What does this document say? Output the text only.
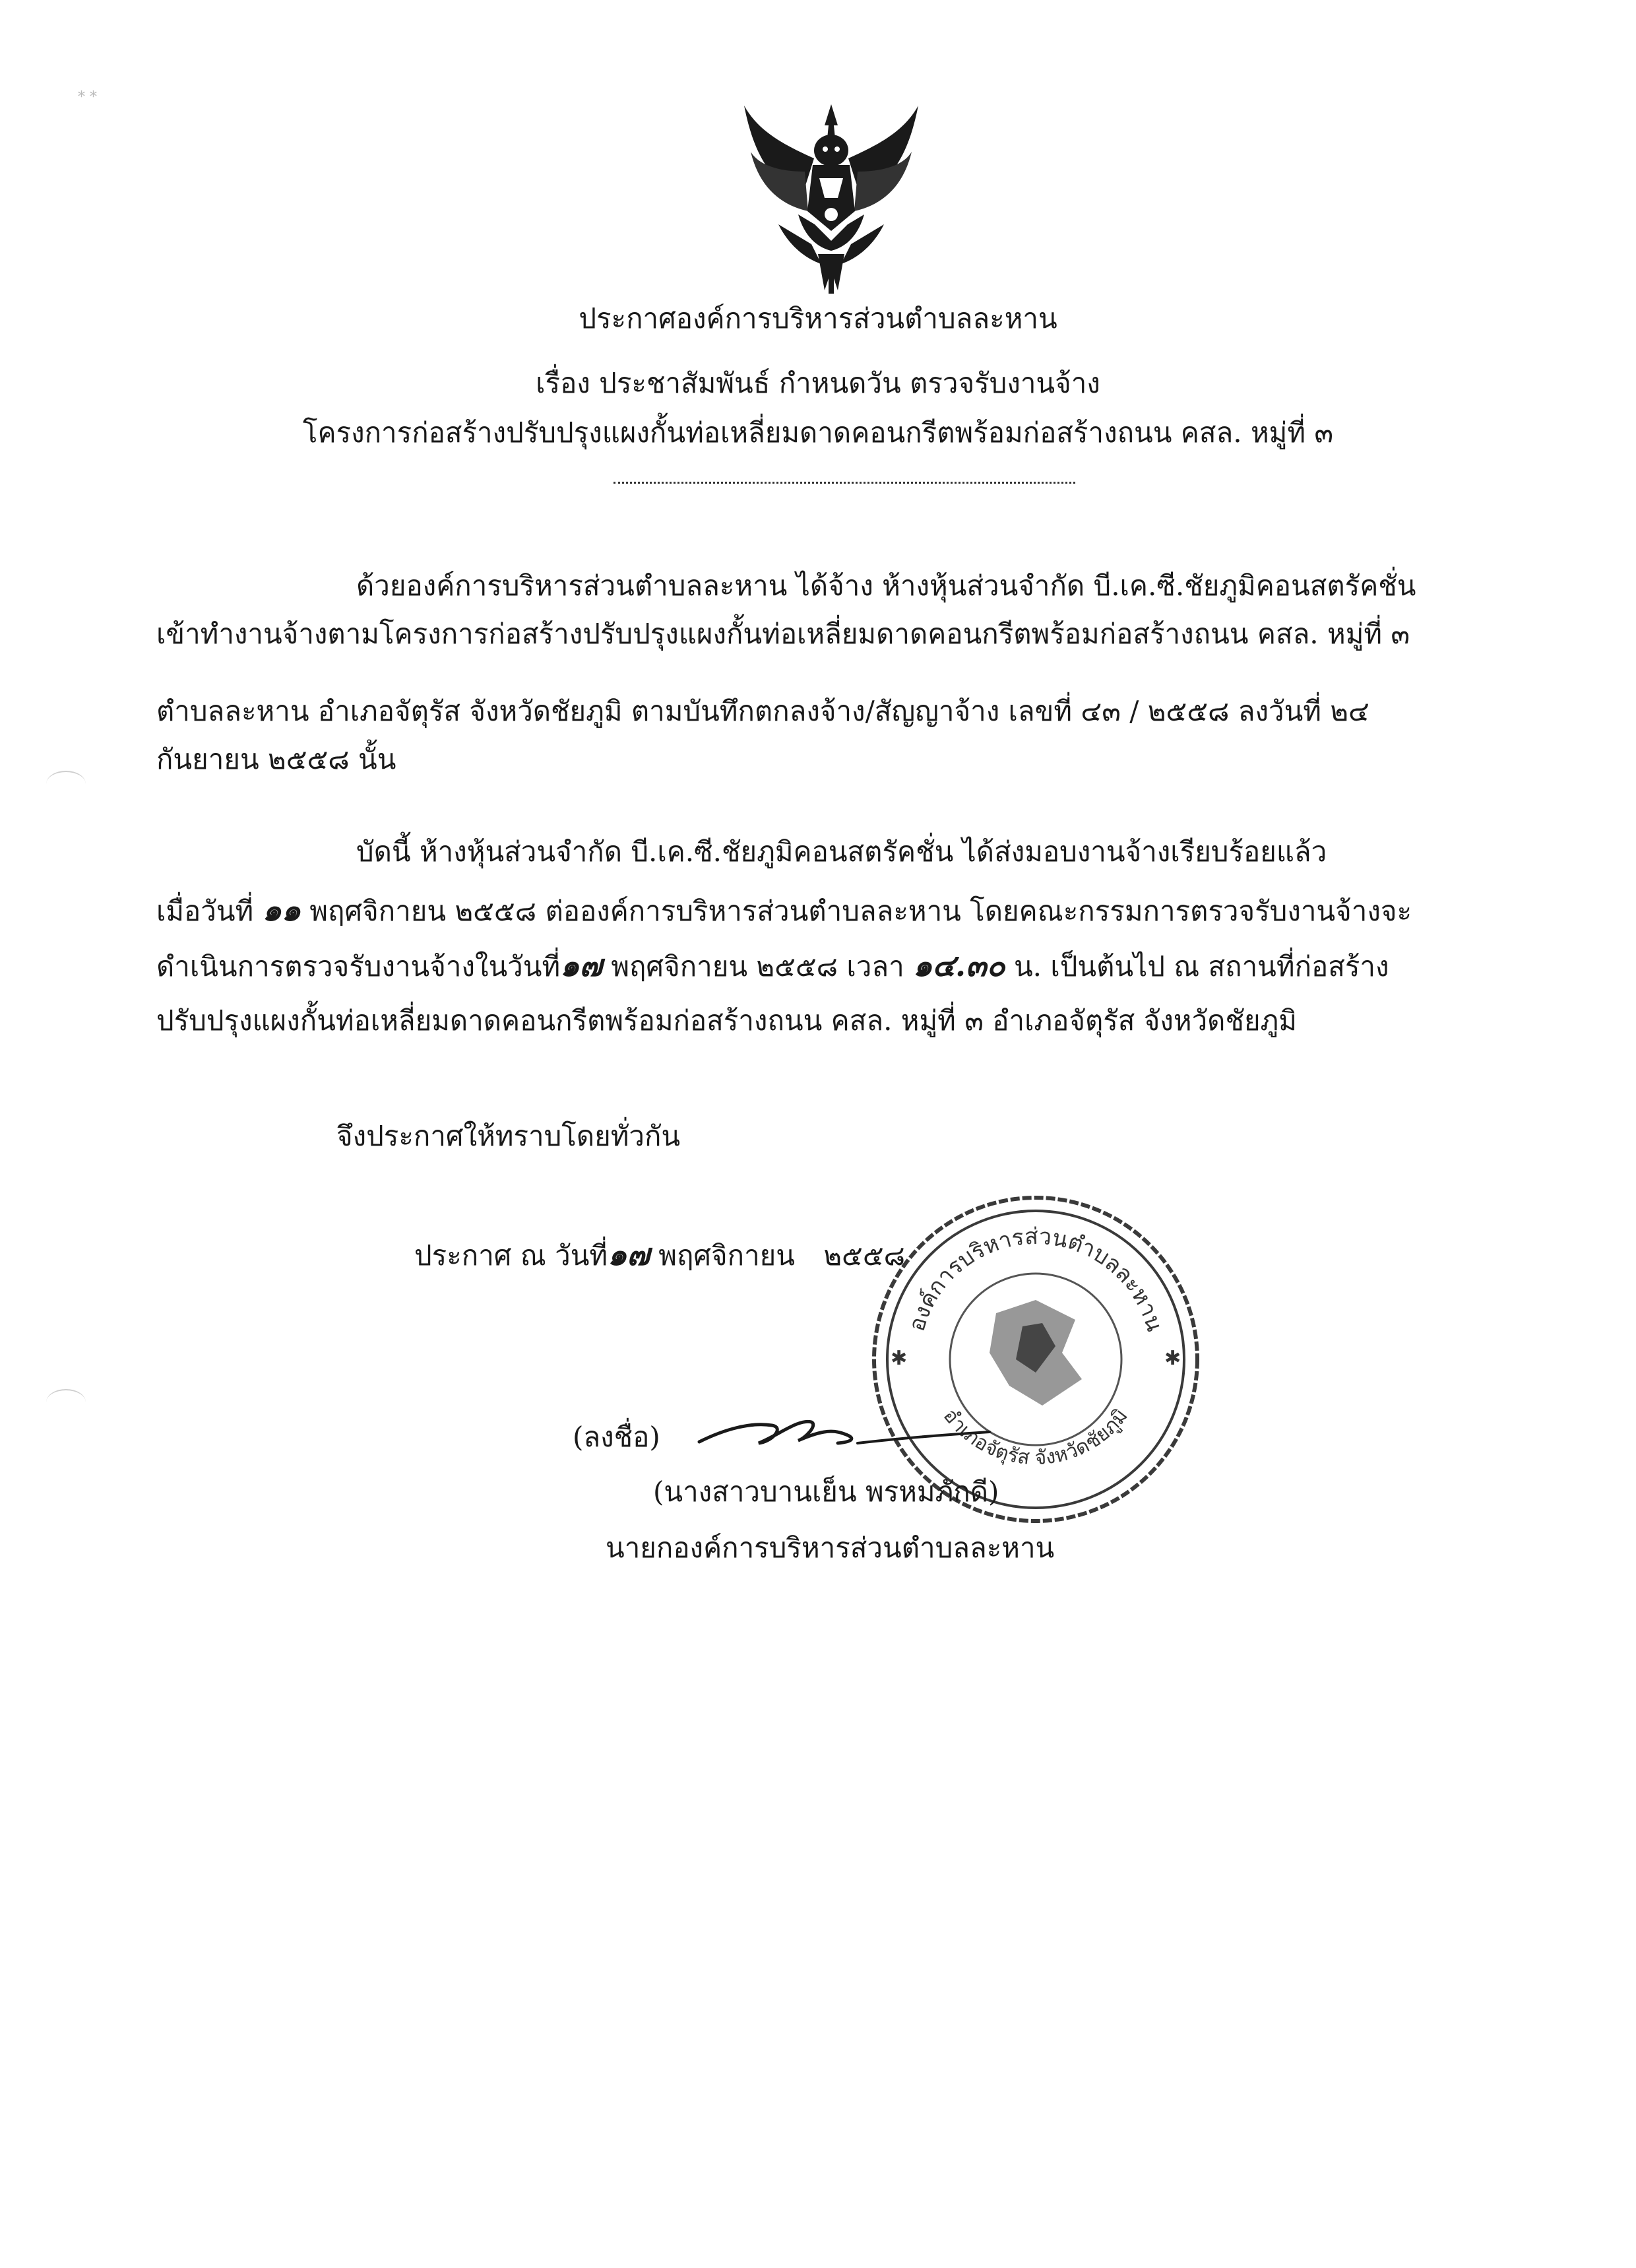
* *
ประกาศองค์การบริหารส่วนตำบลละหาน
เรื่อง ประชาสัมพันธ์ กำหนดวัน ตรวจรับงานจ้าง
โครงการก่อสร้างปรับปรุงแผงกั้นท่อเหลี่ยมดาดคอนกรีตพร้อมก่อสร้างถนน คสล. หมู่ที่ ๓
ด้วยองค์การบริหารส่วนตำบลละหาน ได้จ้าง ห้างหุ้นส่วนจำกัด บี.เค.ซี.ชัยภูมิคอนสตรัคชั่น
เข้าทำงานจ้างตามโครงการก่อสร้างปรับปรุงแผงกั้นท่อเหลี่ยมดาดคอนกรีตพร้อมก่อสร้างถนน คสล. หมู่ที่ ๓
ตำบลละหาน อำเภอจัตุรัส จังหวัดชัยภูมิ ตามบันทึกตกลงจ้าง/สัญญาจ้าง เลขที่ ๔๓ / ๒๕๕๘ ลงวันที่ ๒๔
กันยายน ๒๕๕๘ นั้น
บัดนี้ ห้างหุ้นส่วนจำกัด บี.เค.ซี.ชัยภูมิคอนสตรัคชั่น ได้ส่งมอบงานจ้างเรียบร้อยแล้ว
เมื่อวันที่ ๑๑ พฤศจิกายน ๒๕๕๘ ต่อองค์การบริหารส่วนตำบลละหาน โดยคณะกรรมการตรวจรับงานจ้างจะ
ดำเนินการตรวจรับงานจ้างในวันที่๑๗ พฤศจิกายน ๒๕๕๘ เวลา ๑๔.๓๐ น. เป็นต้นไป ณ สถานที่ก่อสร้าง
ปรับปรุงแผงกั้นท่อเหลี่ยมดาดคอนกรีตพร้อมก่อสร้างถนน คสล. หมู่ที่ ๓ อำเภอจัตุรัส จังหวัดชัยภูมิ
จึงประกาศให้ทราบโดยทั่วกัน
ประกาศ ณ วันที่๑๗ พฤศจิกายน ๒๕๕๘
องค์การบริหารส่วนตำบลละหาน
อำเภอจัตุรัส จังหวัดชัยภูมิ
✱	✱
(ลงชื่อ)
(นางสาวบานเย็น พรหมภักดี)
นายกองค์การบริหารส่วนตำบลละหาน
